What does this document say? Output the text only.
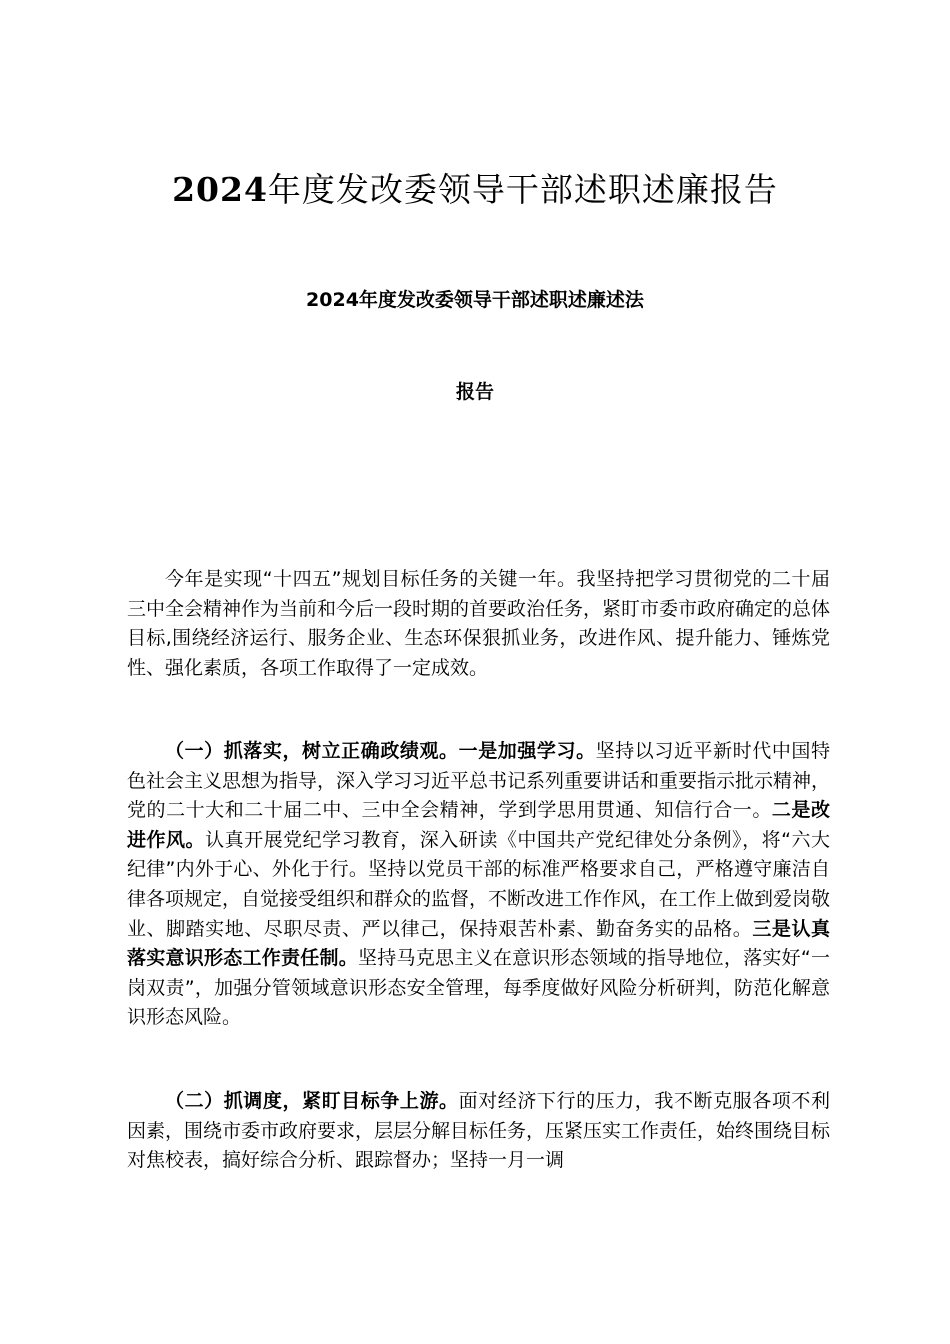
2024年度发改委领导干部述职述廉报告
2024年度发改委领导干部述职述廉述法
报告

今年是实现“十四五”规划目标任务的关键一年。我坚持把学习贯彻党的二十届三中全会精神作为当前和今后一段时期的首要政治任务，紧盯市委市政府确定的总体目标,围绕经济运行、服务企业、生态环保狠抓业务，改进作风、提升能力、锤炼党性、强化素质，各项工作取得了一定成效。

（一）抓落实，树立正确政绩观。一是加强学习。坚持以习近平新时代中国特色社会主义思想为指导，深入学习习近平总书记系列重要讲话和重要指示批示精神，党的二十大和二十届二中、三中全会精神，学到学思用贯通、知信行合一。二是改进作风。认真开展党纪学习教育，深入研读《中国共产党纪律处分条例》，将“六大纪律”内外于心、外化于行。坚持以党员干部的标准严格要求自己，严格遵守廉洁自律各项规定，自觉接受组织和群众的监督，不断改进工作作风，在工作上做到爱岗敬业、脚踏实地、尽职尽责、严以律己，保持艰苦朴素、勤奋务实的品格。三是认真落实意识形态工作责任制。坚持马克思主义在意识形态领域的指导地位，落实好“一岗双责”，加强分管领域意识形态安全管理，每季度做好风险分析研判，防范化解意识形态风险。

（二）抓调度，紧盯目标争上游。面对经济下行的压力，我不断克服各项不利因素，围绕市委市政府要求，层层分解目标任务，压紧压实工作责任，始终围绕目标对焦校表，搞好综合分析、跟踪督办；坚持一月一调
